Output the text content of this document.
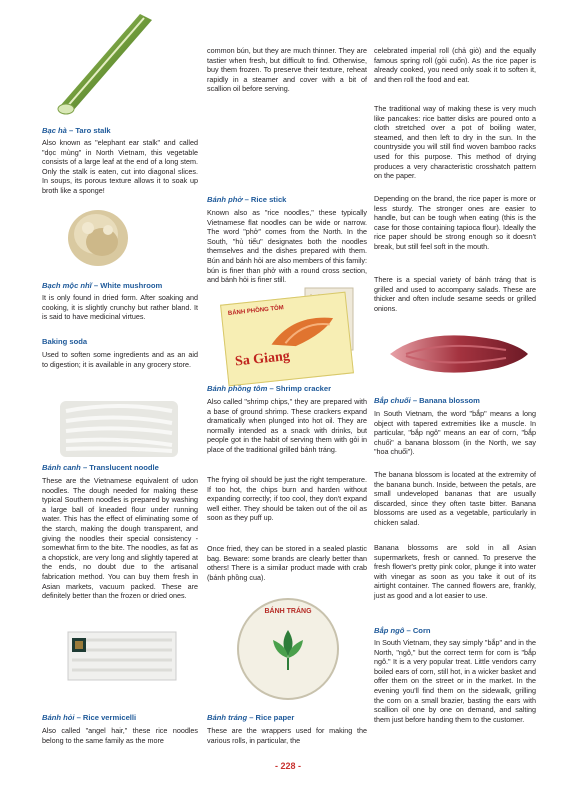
Bạc hà – Taro stalk

Also known as "elephant ear stalk" and called "dọc mùng" in North Vietnam, this vegetable consists of a large leaf at the end of a long stem. Only the stalk is eaten, cut into diagonal slices. In soups, its porous texture allows it to soak up broth like a sponge!

Bạch mộc nhĩ – White mushroom

It is only found in dried form. After soaking and cooking, it is slightly crunchy but rather bland. It is said to have medicinal virtues.

Baking soda

Used to soften some ingredients and as an aid to digestion; it is available in any grocery store.

Bánh canh – Translucent noodle

These are the Vietnamese equivalent of udon noodles. The dough needed for making these typical Southern noodles is prepared by washing a large ball of kneaded flour under running water. This has the effect of eliminating some of the starch, making the dough transparent, and giving the noodles their special consistency - somewhat firm to the bite. The noodles, as fat as a chopstick, are very long and slightly tapered at the ends, no doubt due to the artisanal fabrication method. You can buy them fresh in Asian markets, vacuum packed. These are definitely better than the frozen or dried ones.

Bánh hỏi – Rice vermicelli

Also called "angel hair," these rice noodles belong to the same family as the more

common bún, but they are much thinner. They are tastier when fresh, but difficult to find. Otherwise, buy them frozen. To preserve their texture, reheat rapidly in a steamer and cover with a bit of scallion oil before serving.

Bánh phở – Rice stick

Known also as "rice noodles," these typically Vietnamese flat noodles can be wide or narrow. The word "phở" comes from the North. In the South, "hủ tiếu" designates both the noodles themselves and the dishes prepared with them. Bún and bánh hỏi are also members of this family: bún is finer than phở with a round cross section, and bánh hỏi is finer still.

BÁNH PHỒNG TÔM
Sa Giang
Bánh phồng tôm – Shrimp cracker

Also called "shrimp chips," they are prepared with a base of ground shrimp. These crackers expand dramatically when plunged into hot oil. They are normally intended as a snack with drinks, but people got in the habit of serving them with gỏi in place of the traditional grilled bánh tráng.

The frying oil should be just the right temperature. If too hot, the chips burn and harden without expanding correctly; if too cool, they don't expand well either. They should be taken out of the oil as soon as they puff up.

Once fried, they can be stored in a sealed plastic bag. Beware: some brands are clearly better than others! There is a similar product made with crab (bánh phồng cua).

BÁNH TRÁNG
Bánh tráng – Rice paper

These are the wrappers used for making the various rolls, in particular, the

celebrated imperial roll (chả giò) and the equally famous spring roll (gỏi cuốn). As the rice paper is already cooked, you need only soak it to soften it, and then roll the food and eat.

The traditional way of making these is very much like pancakes: rice batter disks are poured onto a cloth stretched over a pot of boiling water, steamed, and then left to dry in the sun. In the countryside you will still find woven bamboo racks used for this purpose. This method of drying produces a very characteristic crosshatch pattern on the paper.

Depending on the brand, the rice paper is more or less sturdy. The stronger ones are easier to handle, but can be tough when eating (this is the case for those containing tapioca flour). Ideally the rice paper should be strong enough so it doesn't break, but still feel soft in the mouth.

There is a special variety of bánh tráng that is grilled and used to accompany salads. These are thicker and often include sesame seeds or grilled onions.

Bắp chuối – Banana blossom

In South Vietnam, the word "bắp" means a long object with tapered extremities like a muscle. In particular, "bắp ngô" means an ear of corn, "bắp chuối" a banana blossom (in the North, we say "hoa chuối").

The banana blossom is located at the extremity of the banana bunch. Inside, between the petals, are small undeveloped bananas that are usually discarded, since they often taste bitter. Banana blossoms are used as a vegetable, particularly in chicken salad.

Banana blossoms are sold in all Asian supermarkets, fresh or canned. To preserve the fresh flower's pretty pink color, plunge it into water with vinegar as soon as you take it out of its airtight container. The canned flowers are, frankly, just as good and a lot easier to use.

Bắp ngô – Corn

In South Vietnam, they say simply "bắp" and in the North, "ngô," but the correct term for corn is "bắp ngô." It is a very popular treat. Little vendors carry boiled ears of corn, still hot, in a wicker basket and offer them on the street or in the market. In the evening you'll find them on the sidewalk, grilling the corn on a small brazier, basting the ears with scallion oil one by one on demand, and salting them just before handing them to the customer.

- 228 -
